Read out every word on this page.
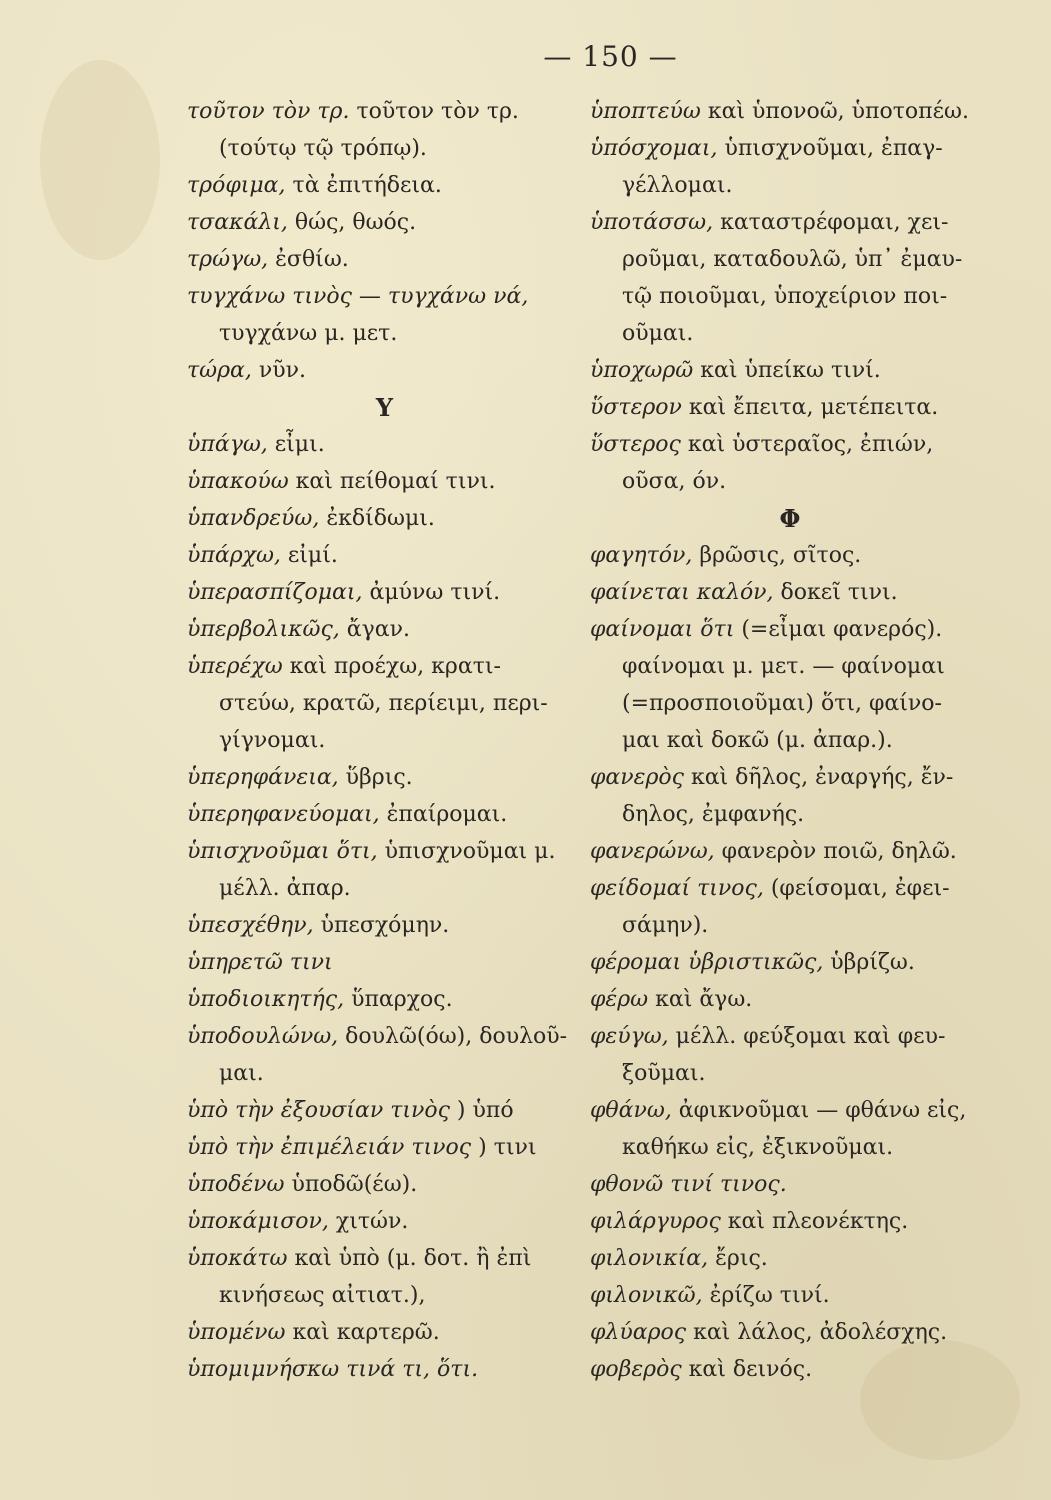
— 150 —
τοῦτον τὸν τρ. τοῦτον τὸν τρ.
(τούτῳ τῷ τρόπῳ).
τρόφιμα, τὰ ἐπιτήδεια.
τσακάλι, θώς, θωός.
τρώγω, ἐσθίω.
τυγχάνω τινὸς — τυγχάνω νά,
τυγχάνω μ. μετ.
τώρα, νῦν.
Υ
ὑπάγω, εἶμι.
ὑπακούω καὶ πείθομαί τινι.
ὑπανδρεύω, ἐκδίδωμι.
ὑπάρχω, εἰμί.
ὑπερασπίζομαι, ἀμύνω τινί.
ὑπερβολικῶς, ἄγαν.
ὑπερέχω καὶ προέχω, κρατι-
στεύω, κρατῶ, περίειμι, περι-
γίγνομαι.
ὑπερηφάνεια, ὕβρις.
ὑπερηφανεύομαι, ἐπαίρομαι.
ὑπισχνοῦμαι ὅτι, ὑπισχνοῦμαι μ.
μέλλ. ἀπαρ.
ὑπεσχέθην, ὑπεσχόμην.
ὑπηρετῶ τινι
ὑποδιοικητής, ὕπαρχος.
ὑποδουλώνω, δουλῶ(όω), δουλοῦ-
μαι.
ὑπὸ τὴν ἐξουσίαν τινὸς ) ὑπό
ὑπὸ τὴν ἐπιμέλειάν τινος ) τινι
ὑποδένω ὑποδῶ(έω).
ὑποκάμισον, χιτών.
ὑποκάτω καὶ ὑπὸ (μ. δοτ. ἢ ἐπὶ
κινήσεως αἰτιατ.),
ὑπομένω καὶ καρτερῶ.
ὑπομιμνήσκω τινά τι, ὅτι.
ὑποπτεύω καὶ ὑπονοῶ, ὑποτοπέω.
ὑπόσχομαι, ὑπισχνοῦμαι, ἐπαγ-
γέλλομαι.
ὑποτάσσω, καταστρέφομαι, χει-
ροῦμαι, καταδουλῶ, ὑπ᾽ ἐμαυ-
τῷ ποιοῦμαι, ὑποχείριον ποι-
οῦμαι.
ὑποχωρῶ καὶ ὑπείκω τινί.
ὕστερον καὶ ἔπειτα, μετέπειτα.
ὕστερος καὶ ὑστεραῖος, ἐπιών,
οῦσα, όν.
Φ
φαγητόν, βρῶσις, σῖτος.
φαίνεται καλόν, δοκεῖ τινι.
φαίνομαι ὅτι (=εἶμαι φανερός).
φαίνομαι μ. μετ. — φαίνομαι
(=προσποιοῦμαι) ὅτι, φαίνο-
μαι καὶ δοκῶ (μ. ἀπαρ.).
φανερὸς καὶ δῆλος, ἐναργής, ἔν-
δηλος, ἐμφανής.
φανερώνω, φανερὸν ποιῶ, δηλῶ.
φείδομαί τινος, (φείσομαι, ἐφει-
σάμην).
φέρομαι ὑβριστικῶς, ὑβρίζω.
φέρω καὶ ἄγω.
φεύγω, μέλλ. φεύξομαι καὶ φευ-
ξοῦμαι.
φθάνω, ἀφικνοῦμαι — φθάνω εἰς,
καθήκω εἰς, ἐξικνοῦμαι.
φθονῶ τινί τινος.
φιλάργυρος καὶ πλεονέκτης.
φιλονικία, ἔρις.
φιλονικῶ, ἐρίζω τινί.
φλύαρος καὶ λάλος, ἀδολέσχης.
φοβερὸς καὶ δεινός.
